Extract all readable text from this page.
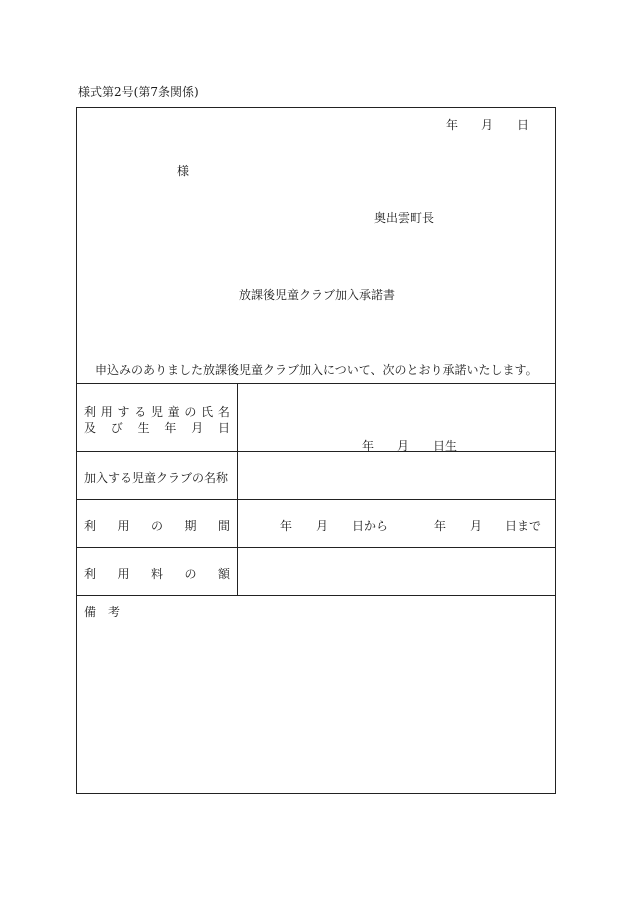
様式第2号(第7条関係)
年 月 日
様
奥出雲町長
放課後児童クラブ加入承諾書
申込みのありました放課後児童クラブ加入について、次のとおり承諾いたします。
利 用 す る 児 童 の 氏 名
及 び 生 年 月 日
年 月 日生
加入する児童クラブの名称
利 用 の 期 間	年 月 日から	年 月 日まで
利 用 料 の 額
備 考
